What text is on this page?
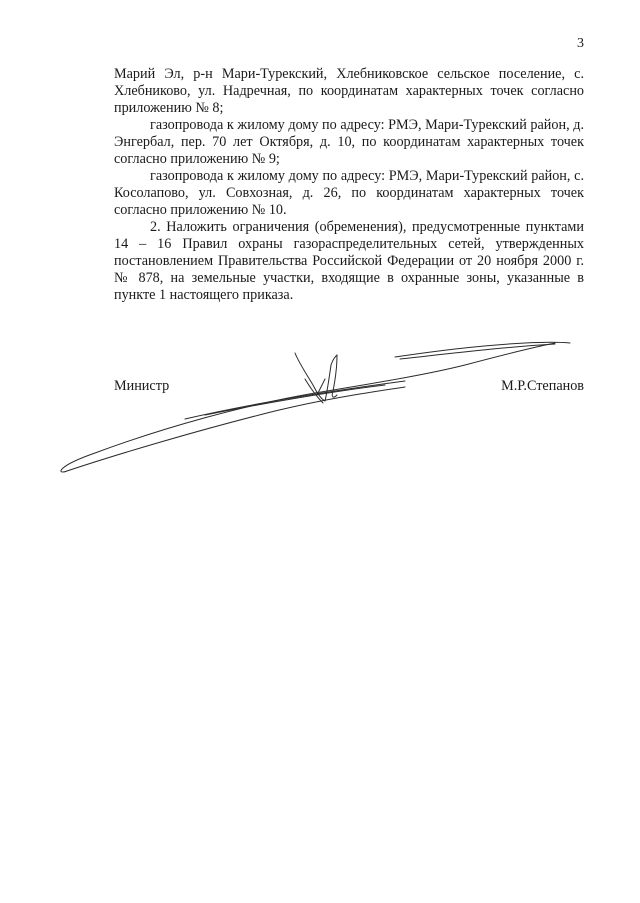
3

Марий Эл, р-н Мари-Турекский, Хлебниковское сельское поселение, с. Хлебниково, ул. Надречная, по координатам характерных точек согласно приложению № 8;

газопровода к жилому дому по адресу: РМЭ, Мари-Турекский район, д. Энгербал, пер. 70 лет Октября, д. 10, по координатам характерных точек согласно приложению № 9;

газопровода к жилому дому по адресу: РМЭ, Мари-Турекский район, с. Косолапово, ул. Совхозная, д. 26, по координатам характерных точек согласно приложению № 10.

2. Наложить ограничения (обременения), предусмотренные пунктами 14 – 16 Правил охраны газораспределительных сетей, утвержденных постановлением Правительства Российской Федерации от 20 ноября 2000 г. № 878, на земельные участки, входящие в охранные зоны, указанные в пункте 1 настоящего приказа.

Министр	М.Р.Степанов
